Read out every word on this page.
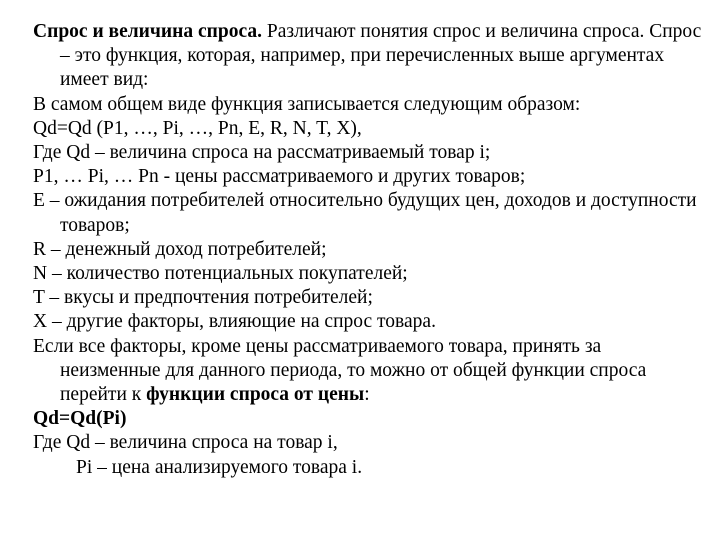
Спрос и величина спроса. Различают понятия спрос и величина спроса. Спрос – это функция, которая, например, при перечисленных выше аргументах имеет вид:

В самом общем виде функция записывается следующим образом:

Qd=Qd (P1, …, Pi, …, Pn, E, R, N, T, X),

Где Qd – величина спроса на рассматриваемый товар i;

P1, … Pi, … Pn - цены рассматриваемого и других товаров;

E – ожидания потребителей относительно будущих цен, доходов и доступности товаров;

R – денежный доход потребителей;

N – количество потенциальных покупателей;

T – вкусы и предпочтения потребителей;

X – другие факторы, влияющие на спрос товара.

Если все факторы, кроме цены рассматриваемого товара, принять за неизменные для данного периода, то можно от общей функции спроса перейти к функции спроса от цены:

Qd=Qd(Pi)

Где Qd – величина спроса на товар i,

Pi – цена анализируемого товара i.
